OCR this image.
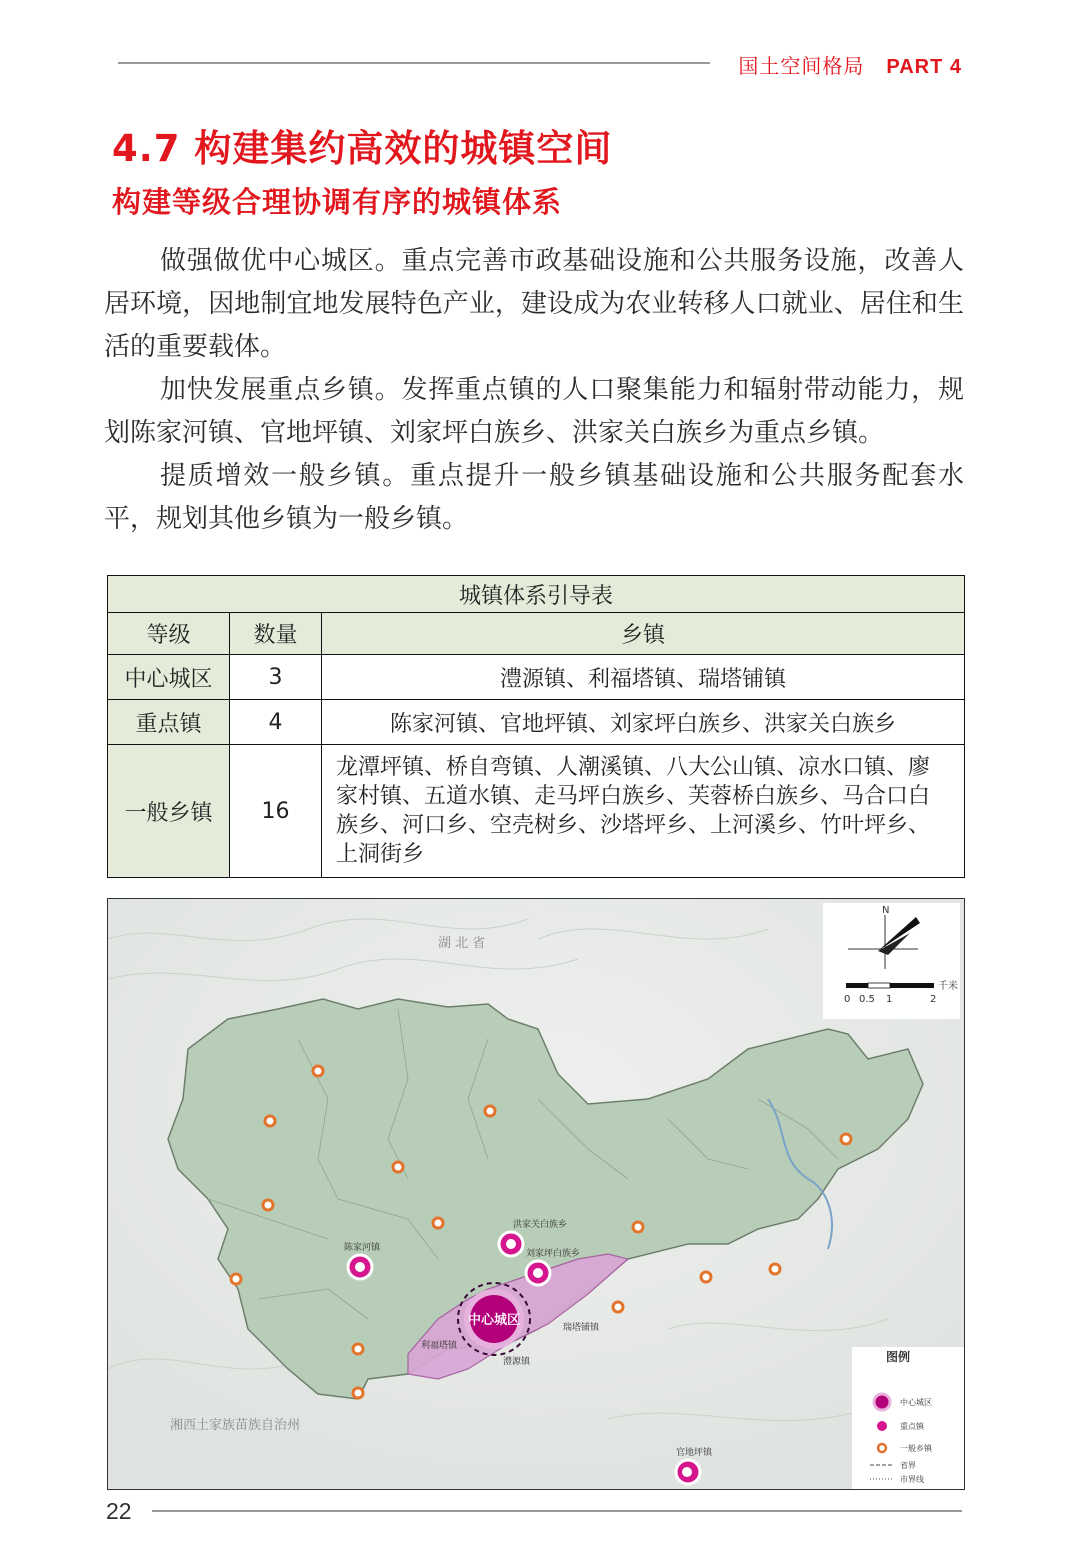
国土空间格局 PART 4
4.7 构建集约高效的城镇空间
构建等级合理协调有序的城镇体系

做强做优中心城区。重点完善市政基础设施和公共服务设施，改善人居环境，因地制宜地发展特色产业，建设成为农业转移人口就业、居住和生活的重要载体。

加快发展重点乡镇。发挥重点镇的人口聚集能力和辐射带动能力，规划陈家河镇、官地坪镇、刘家坪白族乡、洪家关白族乡为重点乡镇。

提质增效一般乡镇。重点提升一般乡镇基础设施和公共服务配套水平，规划其他乡镇为一般乡镇。

城镇体系引导表		
等级	数量	乡镇
中心城区	3	澧源镇、利福塔镇、瑞塔铺镇
重点镇	4	陈家河镇、官地坪镇、刘家坪白族乡、洪家关白族乡
一般乡镇	16	龙潭坪镇、桥自弯镇、人潮溪镇、八大公山镇、凉水口镇、廖家村镇、五道水镇、走马坪白族乡、芙蓉桥白族乡、马合口白族乡、河口乡、空壳树乡、沙塔坪乡、上河溪乡、竹叶坪乡、上洞街乡
湖 北 省
湘西土家族苗族自治州
官地坪镇
陈家河镇
洪家关白族乡
刘家坪白族乡
中心城区
利福塔镇
澧源镇
瑞塔铺镇
N
千米
0 0.5 1	2
图例
中心城区
重点镇
一般乡镇
省界
市界线
22
